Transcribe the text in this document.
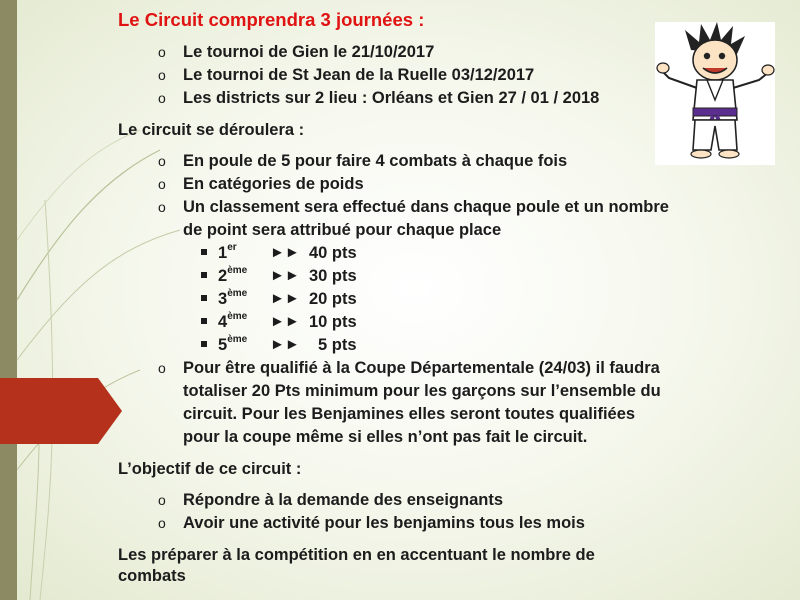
Le Circuit comprendra 3 journées :
o Le tournoi de Gien le 21/10/2017
o Le tournoi de St Jean de la Ruelle 03/12/2017
o Les districts sur 2 lieu : Orléans et Gien 27 / 01 / 2018
Le circuit se déroulera :
o En poule de 5 pour faire 4 combats à chaque fois
o En catégories de poids
o Un classement sera effectué dans chaque poule et un nombre
de point sera attribué pour chaque place
1er ►► 40 pts
2ème ►► 30 pts
3ème ►► 20 pts
4ème ►► 10 pts
5ème ►► 5 pts
o Pour être qualifié à la Coupe Départementale (24/03) il faudra
totaliser 20 Pts minimum pour les garçons sur l’ensemble du
circuit. Pour les Benjamines elles seront toutes qualifiées
pour la coupe même si elles n’ont pas fait le circuit.
L’objectif de ce circuit :
o Répondre à la demande des enseignants
o Avoir une activité pour les benjamins tous les mois
Les préparer à la compétition en en accentuant le nombre de
combats
